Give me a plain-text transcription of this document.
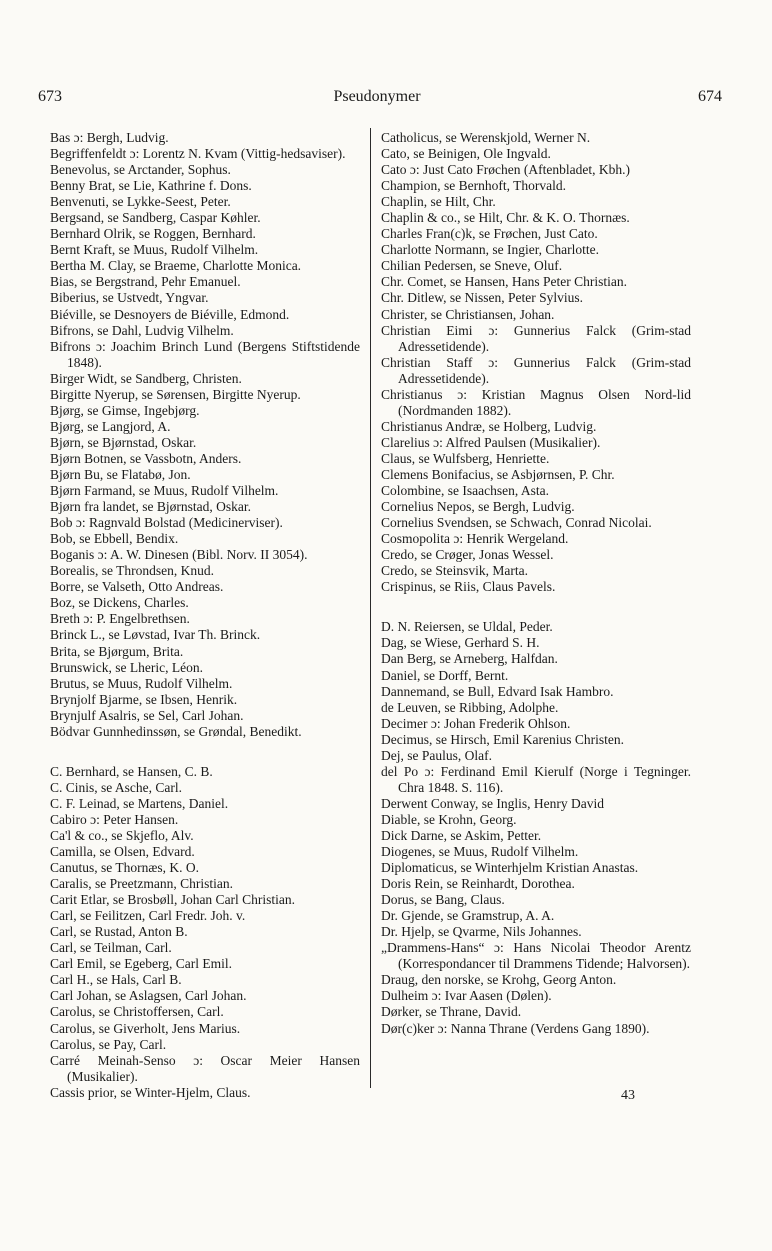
673	Pseudonymer	674
Bas ɔ: Bergh, Ludvig.
Begriffenfeldt ɔ: Lorentz N. Kvam (Vittig-hedsaviser).
Benevolus, se Arctander, Sophus.
Benny Brat, se Lie, Kathrine f. Dons.
Benvenuti, se Lykke-Seest, Peter.
Bergsand, se Sandberg, Caspar Køhler.
Bernhard Olrik, se Roggen, Bernhard.
Bernt Kraft, se Muus, Rudolf Vilhelm.
Bertha M. Clay, se Braeme, Charlotte Monica.
Bias, se Bergstrand, Pehr Emanuel.
Biberius, se Ustvedt, Yngvar.
Biéville, se Desnoyers de Biéville, Edmond.
Bifrons, se Dahl, Ludvig Vilhelm.
Bifrons ɔ: Joachim Brinch Lund (Bergens Stiftstidende 1848).
Birger Widt, se Sandberg, Christen.
Birgitte Nyerup, se Sørensen, Birgitte Nyerup.
Bjørg, se Gimse, Ingebjørg.
Bjørg, se Langjord, A.
Bjørn, se Bjørnstad, Oskar.
Bjørn Botnen, se Vassbotn, Anders.
Bjørn Bu, se Flatabø, Jon.
Bjørn Farmand, se Muus, Rudolf Vilhelm.
Bjørn fra landet, se Bjørnstad, Oskar.
Bob ɔ: Ragnvald Bolstad (Medicinerviser).
Bob, se Ebbell, Bendix.
Boganis ɔ: A. W. Dinesen (Bibl. Norv. II 3054).
Borealis, se Throndsen, Knud.
Borre, se Valseth, Otto Andreas.
Boz, se Dickens, Charles.
Breth ɔ: P. Engelbrethsen.
Brinck L., se Løvstad, Ivar Th. Brinck.
Brita, se Bjørgum, Brita.
Brunswick, se Lheric, Léon.
Brutus, se Muus, Rudolf Vilhelm.
Brynjolf Bjarme, se Ibsen, Henrik.
Brynjulf Asalris, se Sel, Carl Johan.
Bödvar Gunnhedinssøn, se Grøndal, Benedikt.
C. Bernhard, se Hansen, C. B.
C. Cinis, se Asche, Carl.
C. F. Leinad, se Martens, Daniel.
Cabiro ɔ: Peter Hansen.
Ca'l & co., se Skjeflo, Alv.
Camilla, se Olsen, Edvard.
Canutus, se Thornæs, K. O.
Caralis, se Preetzmann, Christian.
Carit Etlar, se Brosbøll, Johan Carl Christian.
Carl, se Feilitzen, Carl Fredr. Joh. v.
Carl, se Rustad, Anton B.
Carl, se Teilman, Carl.
Carl Emil, se Egeberg, Carl Emil.
Carl H., se Hals, Carl B.
Carl Johan, se Aslagsen, Carl Johan.
Carolus, se Christoffersen, Carl.
Carolus, se Giverholt, Jens Marius.
Carolus, se Pay, Carl.
Carré Meinah-Senso ɔ: Oscar Meier Hansen (Musikalier).
Cassis prior, se Winter-Hjelm, Claus.
Catholicus, se Werenskjold, Werner N.
Cato, se Beinigen, Ole Ingvald.
Cato ɔ: Just Cato Frøchen (Aftenbladet, Kbh.)
Champion, se Bernhoft, Thorvald.
Chaplin, se Hilt, Chr.
Chaplin & co., se Hilt, Chr. & K. O. Thornæs.
Charles Fran(c)k, se Frøchen, Just Cato.
Charlotte Normann, se Ingier, Charlotte.
Chilian Pedersen, se Sneve, Oluf.
Chr. Comet, se Hansen, Hans Peter Christian.
Chr. Ditlew, se Nissen, Peter Sylvius.
Christer, se Christiansen, Johan.
Christian Eimi ɔ: Gunnerius Falck (Grim-stad Adressetidende).
Christian Staff ɔ: Gunnerius Falck (Grim-stad Adressetidende).
Christianus ɔ: Kristian Magnus Olsen Nord-lid (Nordmanden 1882).
Christianus Andræ, se Holberg, Ludvig.
Clarelius ɔ: Alfred Paulsen (Musikalier).
Claus, se Wulfsberg, Henriette.
Clemens Bonifacius, se Asbjørnsen, P. Chr.
Colombine, se Isaachsen, Asta.
Cornelius Nepos, se Bergh, Ludvig.
Cornelius Svendsen, se Schwach, Conrad Nicolai.
Cosmopolita ɔ: Henrik Wergeland.
Credo, se Crøger, Jonas Wessel.
Credo, se Steinsvik, Marta.
Crispinus, se Riis, Claus Pavels.
D. N. Reiersen, se Uldal, Peder.
Dag, se Wiese, Gerhard S. H.
Dan Berg, se Arneberg, Halfdan.
Daniel, se Dorff, Bernt.
Dannemand, se Bull, Edvard Isak Hambro.
de Leuven, se Ribbing, Adolphe.
Decimer ɔ: Johan Frederik Ohlson.
Decimus, se Hirsch, Emil Karenius Christen.
Dej, se Paulus, Olaf.
del Po ɔ: Ferdinand Emil Kierulf (Norge i Tegninger. Chra 1848. S. 116).
Derwent Conway, se Inglis, Henry David
Diable, se Krohn, Georg.
Dick Darne, se Askim, Petter.
Diogenes, se Muus, Rudolf Vilhelm.
Diplomaticus, se Winterhjelm Kristian Anastas.
Doris Rein, se Reinhardt, Dorothea.
Dorus, se Bang, Claus.
Dr. Gjende, se Gramstrup, A. A.
Dr. Hjelp, se Qvarme, Nils Johannes.
„Drammens-Hans“ ɔ: Hans Nicolai Theodor Arentz (Korrespondancer til Drammens Tidende; Halvorsen).
Draug, den norske, se Krohg, Georg Anton.
Dulheim ɔ: Ivar Aasen (Dølen).
Dørker, se Thrane, David.
Dør(c)ker ɔ: Nanna Thrane (Verdens Gang 1890).
43
